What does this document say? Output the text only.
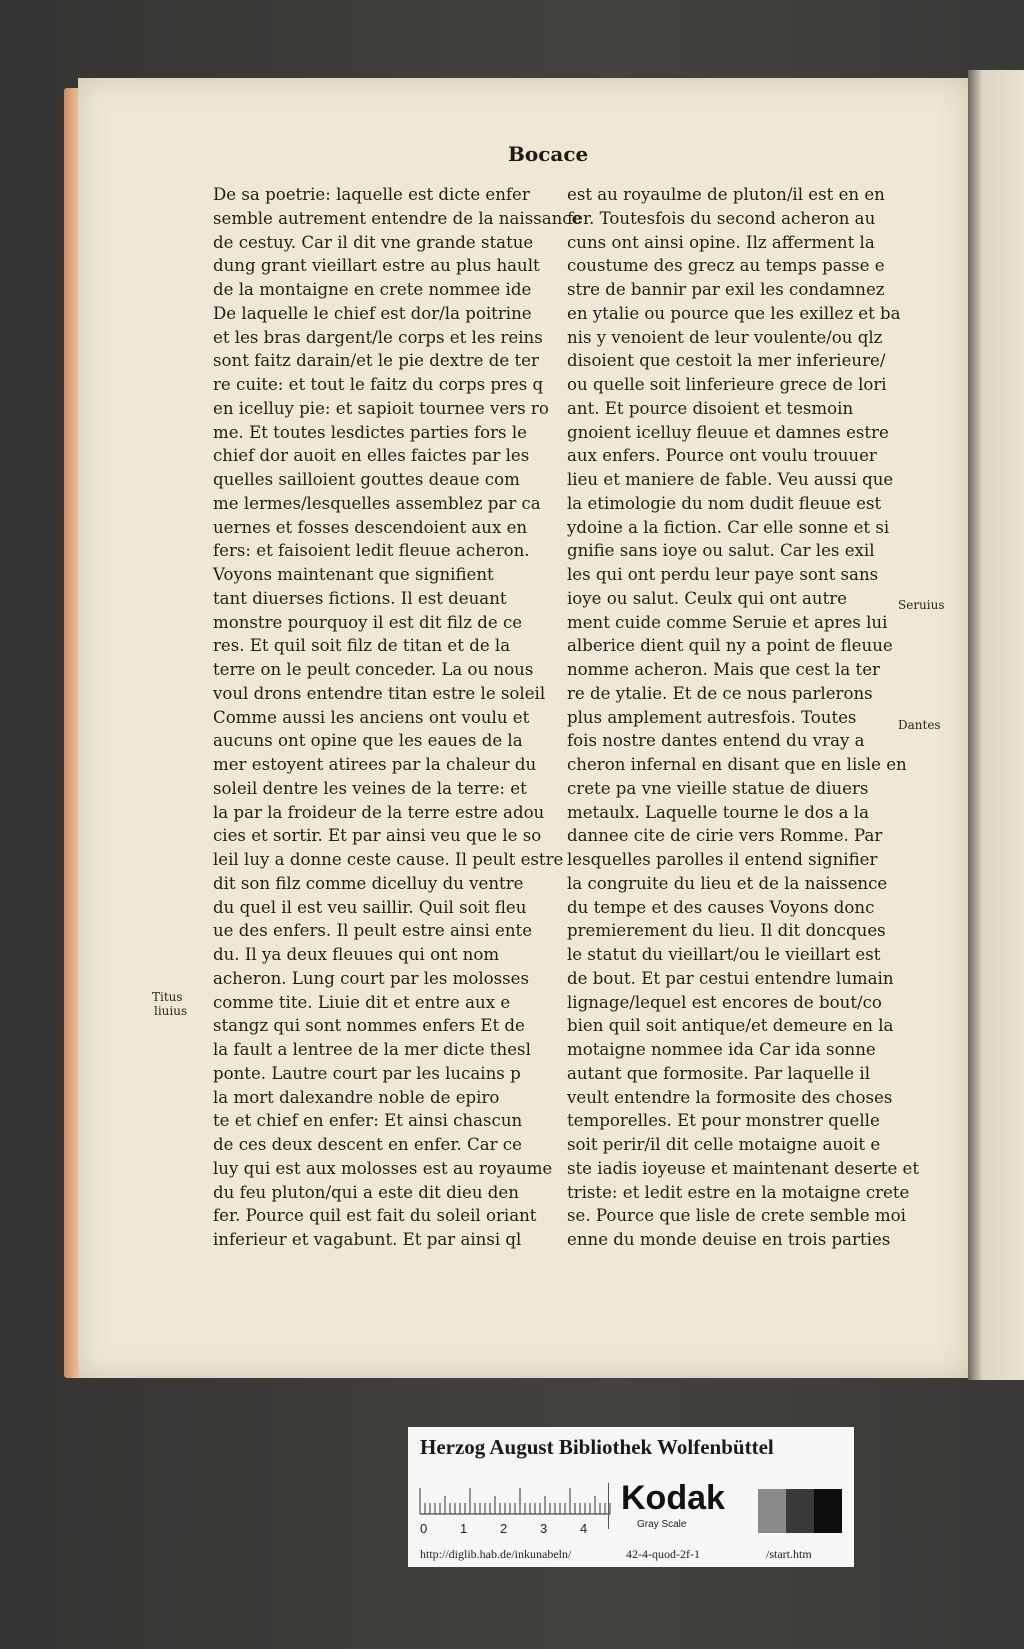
Bocace
De sa poetrie: laquelle est dicte enfer
semble autrement entendre de la naissance
de cestuy. Car il dit vne grande statue
dung grant vieillart estre au plus hault
de la montaigne en crete nommee ide
De laquelle le chief est dor/la poitrine
et les bras dargent/le corps et les reins
sont faitz darain/et le pie dextre de ter
re cuite: et tout le faitz du corps pres q
en icelluy pie: et sapioit tournee vers ro
me. Et toutes lesdictes parties fors le
chief dor auoit en elles faictes par les
quelles sailloient gouttes deaue com
me lermes/lesquelles assemblez par ca
uernes et fosses descendoient aux en
fers: et faisoient ledit fleuue acheron.
Voyons maintenant que signifient
tant diuerses fictions. Il est deuant
monstre pourquoy il est dit filz de ce
res. Et quil soit filz de titan et de la
terre on le peult conceder. La ou nous
voul drons entendre titan estre le soleil
Comme aussi les anciens ont voulu et
aucuns ont opine que les eaues de la
mer estoyent atirees par la chaleur du
soleil dentre les veines de la terre: et
la par la froideur de la terre estre adou
cies et sortir. Et par ainsi veu que le so
leil luy a donne ceste cause. Il peult estre
dit son filz comme dicelluy du ventre
du quel il est veu saillir. Quil soit fleu
ue des enfers. Il peult estre ainsi ente
du. Il ya deux fleuues qui ont nom
acheron. Lung court par les molosses
comme tite. Liuie dit et entre aux e
stangz qui sont nommes enfers Et de
la fault a lentree de la mer dicte thesl
ponte. Lautre court par les lucains p
la mort dalexandre noble de epiro
te et chief en enfer: Et ainsi chascun
de ces deux descent en enfer. Car ce
luy qui est aux molosses est au royaume
du feu pluton/qui a este dit dieu den
fer. Pource quil est fait du soleil oriant
inferieur et vagabunt. Et par ainsi ql
est au royaulme de pluton/il est en en
fer. Toutesfois du second acheron au
cuns ont ainsi opine. Ilz afferment la
coustume des grecz au temps passe e
stre de bannir par exil les condamnez
en ytalie ou pource que les exillez et ba
nis y venoient de leur voulente/ou qlz
disoient que cestoit la mer inferieure/
ou quelle soit linferieure grece de lori
ant. Et pource disoient et tesmoin
gnoient icelluy fleuue et damnes estre
aux enfers. Pource ont voulu trouuer
lieu et maniere de fable. Veu aussi que
la etimologie du nom dudit fleuue est
ydoine a la fiction. Car elle sonne et si
gnifie sans ioye ou salut. Car les exil
les qui ont perdu leur paye sont sans
ioye ou salut. Ceulx qui ont autre
ment cuide comme Seruie et apres lui
alberice dient quil ny a point de fleuue
nomme acheron. Mais que cest la ter
re de ytalie. Et de ce nous parlerons
plus amplement autresfois. Toutes
fois nostre dantes entend du vray a
cheron infernal en disant que en lisle en
crete pa vne vieille statue de diuers
metaulx. Laquelle tourne le dos a la
dannee cite de cirie vers Romme. Par
lesquelles parolles il entend signifier
la congruite du lieu et de la naissence
du tempe et des causes Voyons donc
premierement du lieu. Il dit doncques
le statut du vieillart/ou le vieillart est
de bout. Et par cestui entendre lumain
lignage/lequel est encores de bout/co
bien quil soit antique/et demeure en la
motaigne nommee ida Car ida sonne
autant que formosite. Par laquelle il
veult entendre la formosite des choses
temporelles. Et pour monstrer quelle
soit perir/il dit celle motaigne auoit e
ste iadis ioyeuse et maintenant deserte et
triste: et ledit estre en la motaigne crete
se. Pource que lisle de crete semble moi
enne du monde deuise en trois parties
Titus
liuius
Seruius
Dantes
Herzog August Bibliothek Wolfenbüttel
0	1	2	3	4
Kodak
Gray Scale
http://diglib.hab.de/inkunabeln/	42-4-quod-2f-1	/start.htm
